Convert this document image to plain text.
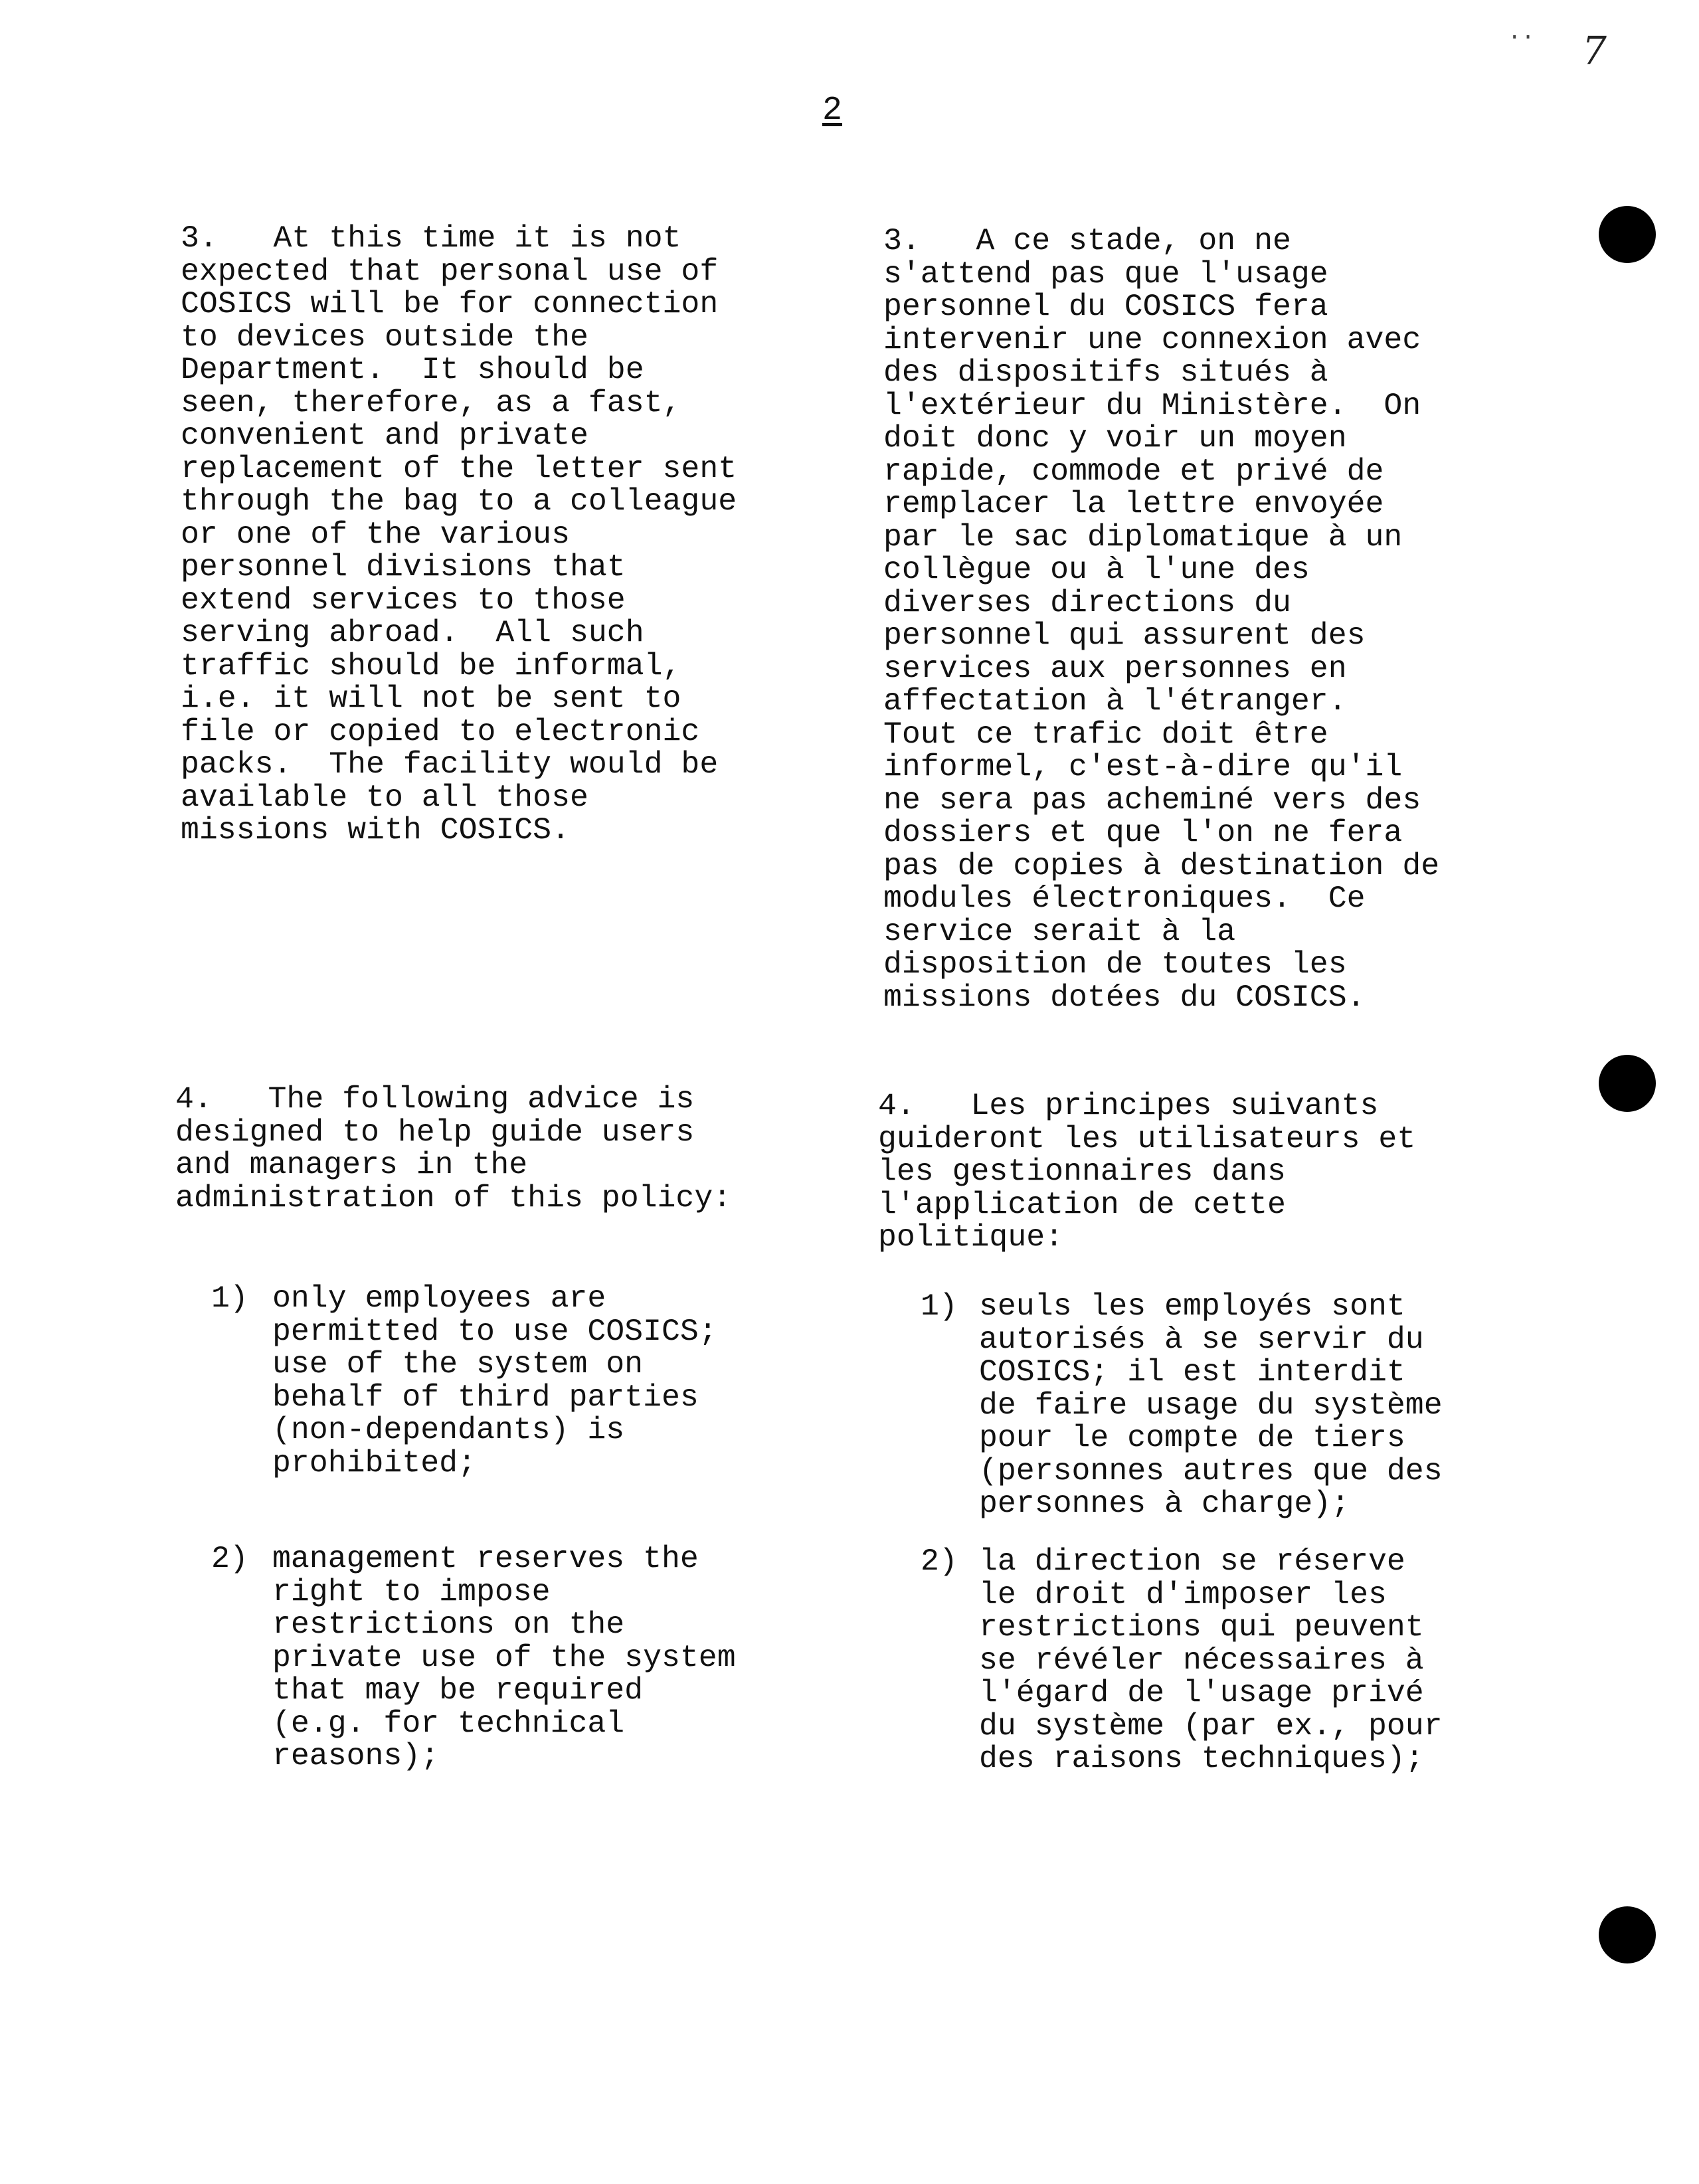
·· 7
2
3.   At this time it is not
expected that personal use of
COSICS will be for connection
to devices outside the
Department.  It should be
seen, therefore, as a fast,
convenient and private
replacement of the letter sent
through the bag to a colleague
or one of the various
personnel divisions that
extend services to those
serving abroad.  All such
traffic should be informal,
i.e. it will not be sent to
file or copied to electronic
packs.  The facility would be
available to all those
missions with COSICS.
4.   The following advice is
designed to help guide users
and managers in the
administration of this policy:
1) only employees are
permitted to use COSICS;
use of the system on
behalf of third parties
(non-dependants) is
prohibited;
2) management reserves the
right to impose
restrictions on the
private use of the system
that may be required
(e.g. for technical
reasons);
3.   A ce stade, on ne
s'attend pas que l'usage
personnel du COSICS fera
intervenir une connexion avec
des dispositifs situés à
l'extérieur du Ministère.  On
doit donc y voir un moyen
rapide, commode et privé de
remplacer la lettre envoyée
par le sac diplomatique à un
collègue ou à l'une des
diverses directions du
personnel qui assurent des
services aux personnes en
affectation à l'étranger.
Tout ce trafic doit être
informel, c'est-à-dire qu'il
ne sera pas acheminé vers des
dossiers et que l'on ne fera
pas de copies à destination de
modules électroniques.  Ce
service serait à la
disposition de toutes les
missions dotées du COSICS.
4.   Les principes suivants
guideront les utilisateurs et
les gestionnaires dans
l'application de cette
politique:
1) seuls les employés sont
autorisés à se servir du
COSICS; il est interdit
de faire usage du système
pour le compte de tiers
(personnes autres que des
personnes à charge);
2) la direction se réserve
le droit d'imposer les
restrictions qui peuvent
se révéler nécessaires à
l'égard de l'usage privé
du système (par ex., pour
des raisons techniques);
